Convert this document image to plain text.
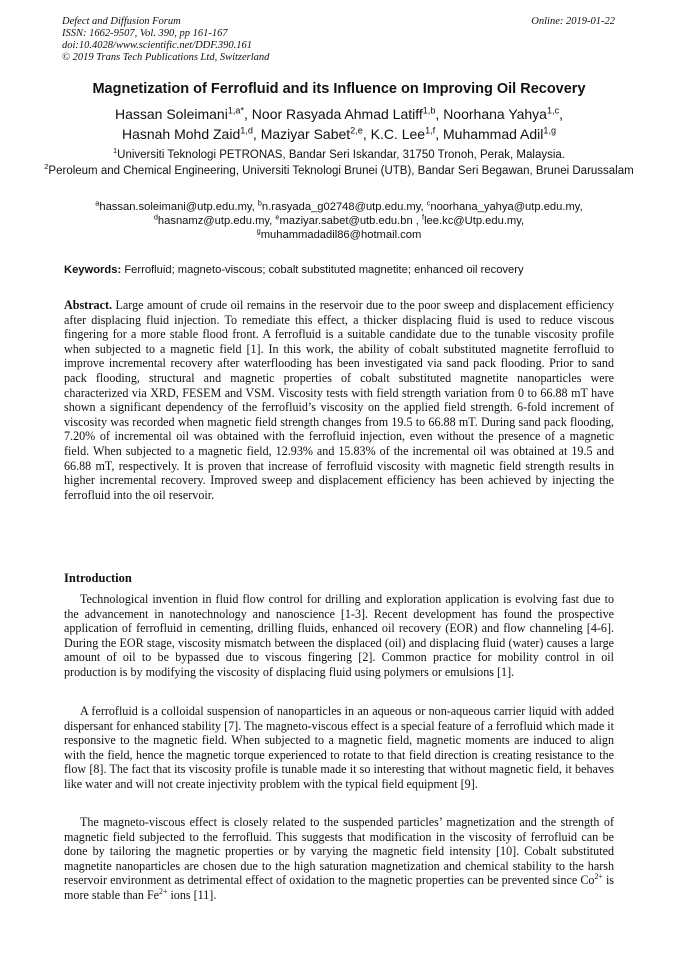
Defect and Diffusion Forum
ISSN: 1662-9507, Vol. 390, pp 161-167
doi:10.4028/www.scientific.net/DDF.390.161
© 2019 Trans Tech Publications Ltd, Switzerland
Online: 2019-01-22
Magnetization of Ferrofluid and its Influence on Improving Oil Recovery
Hassan Soleimani$^{1,a*}$, Noor Rasyada Ahmad Latiff$^{1,b}$, Noorhana Yahya$^{1,c}$,
Hasnah Mohd Zaid$^{1,d}$, Maziyar Sabet$^{2,e}$, K.C. Lee$^{1,f}$, Muhammad Adil$^{1,g}$
$^1$Universiti Teknologi PETRONAS, Bandar Seri Iskandar, 31750 Tronoh, Perak, Malaysia.
$^2$Peroleum and Chemical Engineering, Universiti Teknologi Brunei (UTB), Bandar Seri Begawan, Brunei Darussalam
$^a$hassan.soleimani@utp.edu.my, $^b$n.rasyada_g02748@utp.edu.my, $^c$noorhana_yahya@utp.edu.my,
$^d$hasnamz@utp.edu.my, $^e$maziyar.sabet@utb.edu.bn , $^f$lee.kc@Utp.edu.my,
$^g$muhammadadil86@hotmail.com
Keywords: Ferrofluid; magneto-viscous; cobalt substituted magnetite; enhanced oil recovery
Abstract. Large amount of crude oil remains in the reservoir due to the poor sweep and displacement efficiency after displacing fluid injection. To remediate this effect, a thicker displacing fluid is used to reduce viscous fingering for a more stable flood front. A ferrofluid is a suitable candidate due to the tunable viscosity profile when subjected to a magnetic field [1]. In this work, the ability of cobalt substituted magnetite ferrofluid to improve incremental recovery after waterflooding has been investigated via sand pack flooding. Prior to sand pack flooding, structural and magnetic properties of cobalt substituted magnetite nanoparticles were characterized via XRD, FESEM and VSM. Viscosity tests with field strength variation from 0 to 66.88 mT have shown a significant dependency of the ferrofluid’s viscosity on the applied field strength. 6-fold increment of viscosity was recorded when magnetic field strength changes from 19.5 to 66.88 mT. During sand pack flooding, 7.20% of incremental oil was obtained with the ferrofluid injection, even without the presence of a magnetic field. When subjected to a magnetic field, 12.93% and 15.83% of the incremental oil was obtained at 19.5 and 66.88 mT, respectively. It is proven that increase of ferrofluid viscosity with magnetic field strength results in higher incremental recovery. Improved sweep and displacement efficiency has been achieved by injecting the ferrofluid into the oil reservoir.
Introduction
Technological invention in fluid flow control for drilling and exploration application is evolving fast due to the advancement in nanotechnology and nanoscience [1-3]. Recent development has found the prospective application of ferrofluid in cementing, drilling fluids, enhanced oil recovery (EOR) and flow channeling [4-6]. During the EOR stage, viscosity mismatch between the displaced (oil) and displacing fluid (water) causes a large amount of oil to be bypassed due to viscous fingering [2]. Common practice for mobility control in oil production is by modifying the viscosity of displacing fluid using polymers or emulsions [1].
A ferrofluid is a colloidal suspension of nanoparticles in an aqueous or non-aqueous carrier liquid with added dispersant for enhanced stability [7]. The magneto-viscous effect is a special feature of a ferrofluid which made it responsive to the magnetic field. When subjected to a magnetic field, magnetic moments are induced to align with the field, hence the magnetic torque experienced to rotate to that field direction is creating resistance to the flow [8]. The fact that its viscosity profile is tunable made it so interesting that without magnetic field, it behaves like water and will not create injectivity problem with the typical field equipment [9].
The magneto-viscous effect is closely related to the suspended particles’ magnetization and the strength of magnetic field subjected to the ferrofluid. This suggests that modification in the viscosity of ferrofluid can be done by tailoring the magnetic properties or by varying the magnetic field intensity [10]. Cobalt substituted magnetite nanoparticles are chosen due to the high saturation magnetization and chemical stability to the harsh reservoir environment as detrimental effect of oxidation to the magnetic properties can be prevented since $Co^{2+}$ is more stable than $Fe^{2+}$ ions [11].
